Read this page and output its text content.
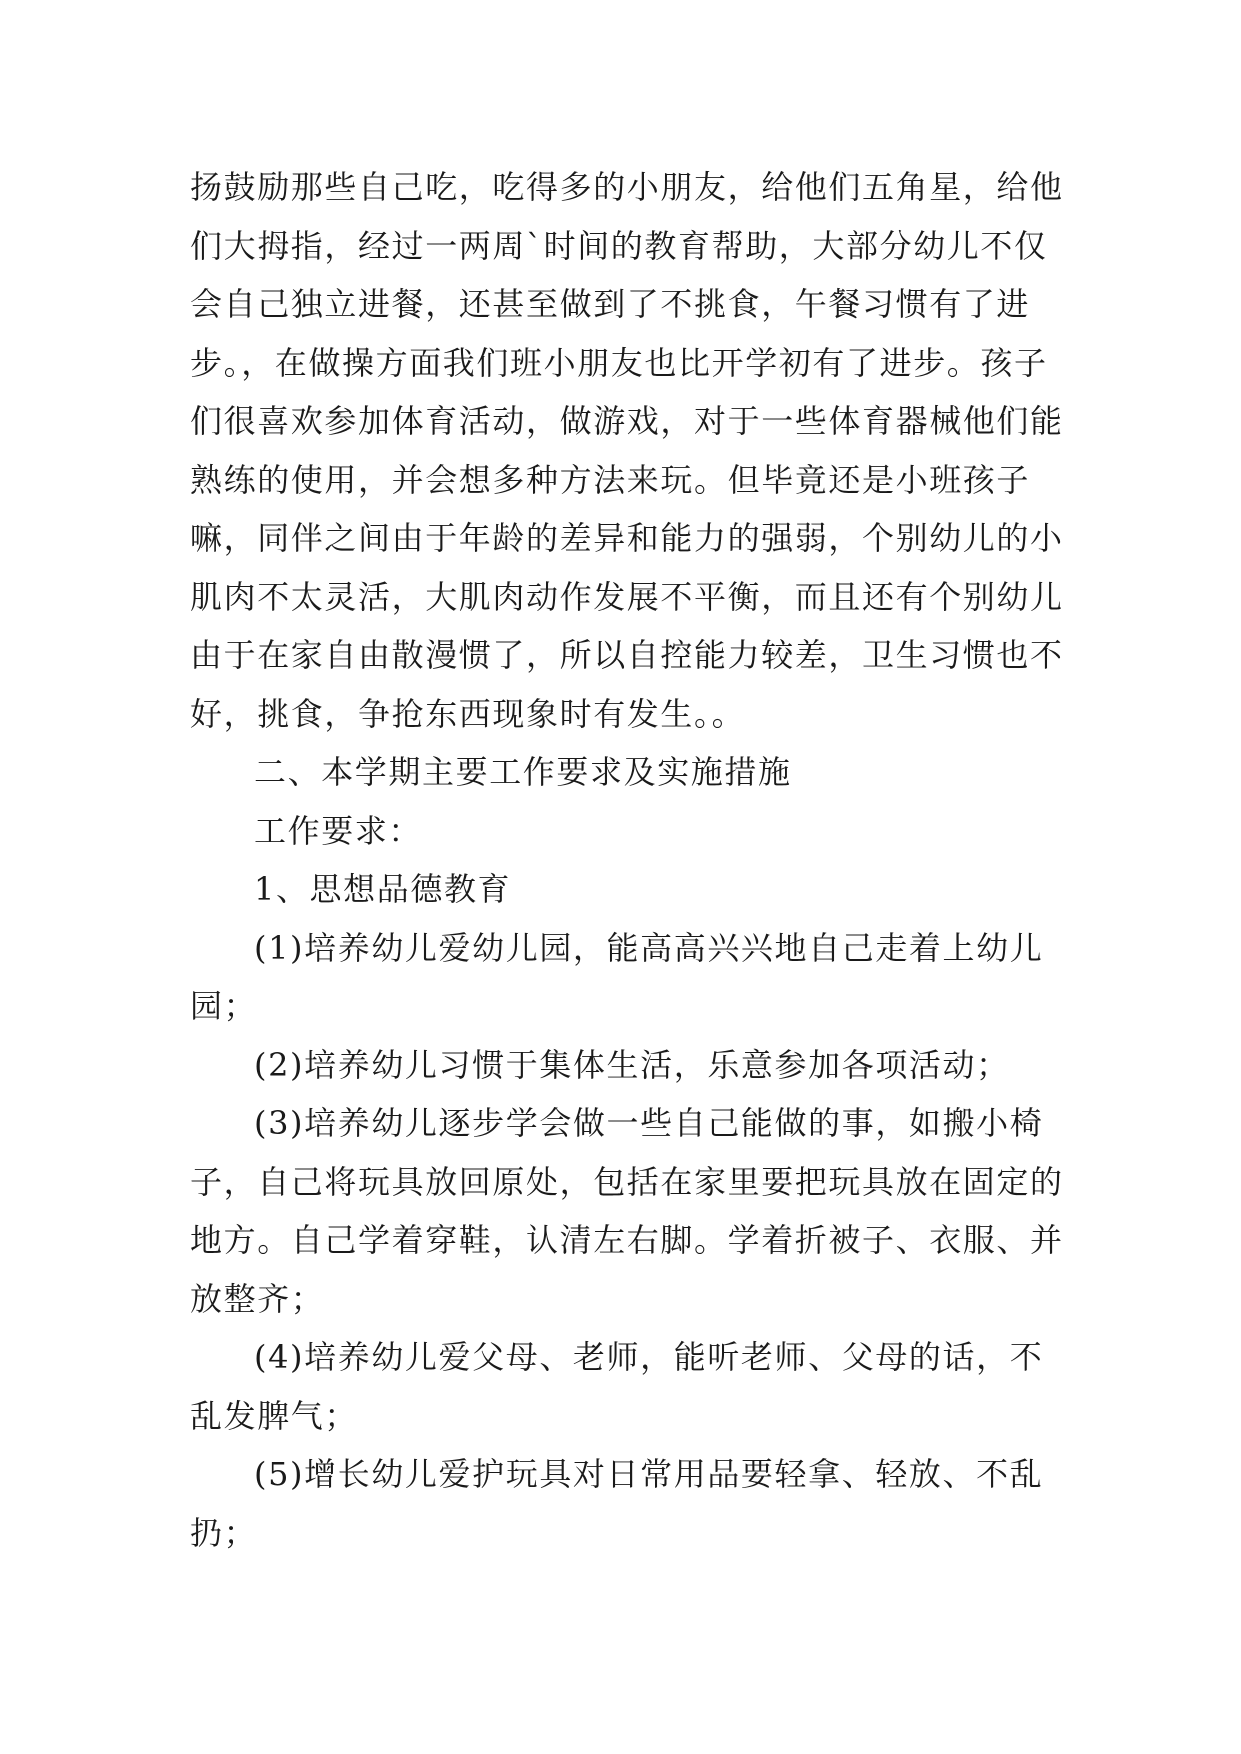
扬鼓励那些自己吃，吃得多的小朋友，给他们五角星，给他们大拇指，经过一两周`时间的教育帮助，大部分幼儿不仅会自己独立进餐，还甚至做到了不挑食，午餐习惯有了进步。，在做操方面我们班小朋友也比开学初有了进步。孩子们很喜欢参加体育活动，做游戏，对于一些体育器械他们能熟练的使用，并会想多种方法来玩。但毕竟还是小班孩子嘛，同伴之间由于年龄的差异和能力的强弱，个别幼儿的小肌肉不太灵活，大肌肉动作发展不平衡，而且还有个别幼儿由于在家自由散漫惯了，所以自控能力较差，卫生习惯也不好，挑食，争抢东西现象时有发生。。

二、本学期主要工作要求及实施措施

工作要求：

1、思想品德教育

(1)培养幼儿爱幼儿园，能高高兴兴地自己走着上幼儿园；

(2)培养幼儿习惯于集体生活，乐意参加各项活动；

(3)培养幼儿逐步学会做一些自己能做的事，如搬小椅子，自己将玩具放回原处，包括在家里要把玩具放在固定的地方。自己学着穿鞋，认清左右脚。学着折被子、衣服、并放整齐；

(4)培养幼儿爱父母、老师，能听老师、父母的话，不乱发脾气；

(5)增长幼儿爱护玩具对日常用品要轻拿、轻放、不乱扔；
